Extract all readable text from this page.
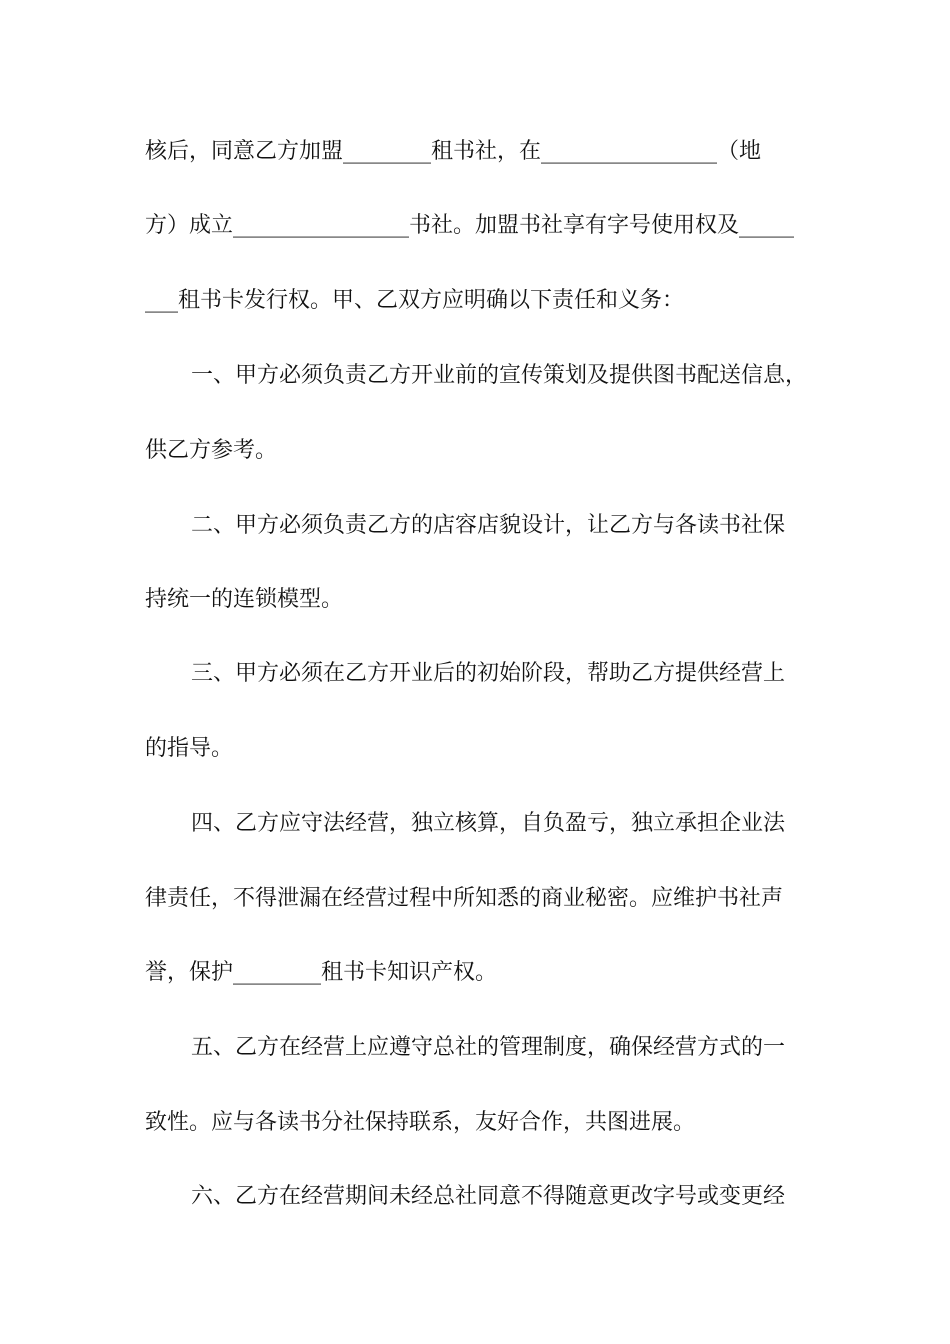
核后，同意乙方加盟________租书社，在________________（地

方）成立________________书社。加盟书社享有字号使用权及_____

___租书卡发行权。甲、乙双方应明确以下责任和义务：

一、甲方必须负责乙方开业前的宣传策划及提供图书配送信息，

供乙方参考。

二、甲方必须负责乙方的店容店貌设计，让乙方与各读书社保

持统一的连锁模型。

三、甲方必须在乙方开业后的初始阶段，帮助乙方提供经营上

的指导。

四、乙方应守法经营，独立核算，自负盈亏，独立承担企业法

律责任，不得泄漏在经营过程中所知悉的商业秘密。应维护书社声

誉，保护________租书卡知识产权。

五、乙方在经营上应遵守总社的管理制度，确保经营方式的一

致性。应与各读书分社保持联系，友好合作，共图进展。

六、乙方在经营期间未经总社同意不得随意更改字号或变更经
